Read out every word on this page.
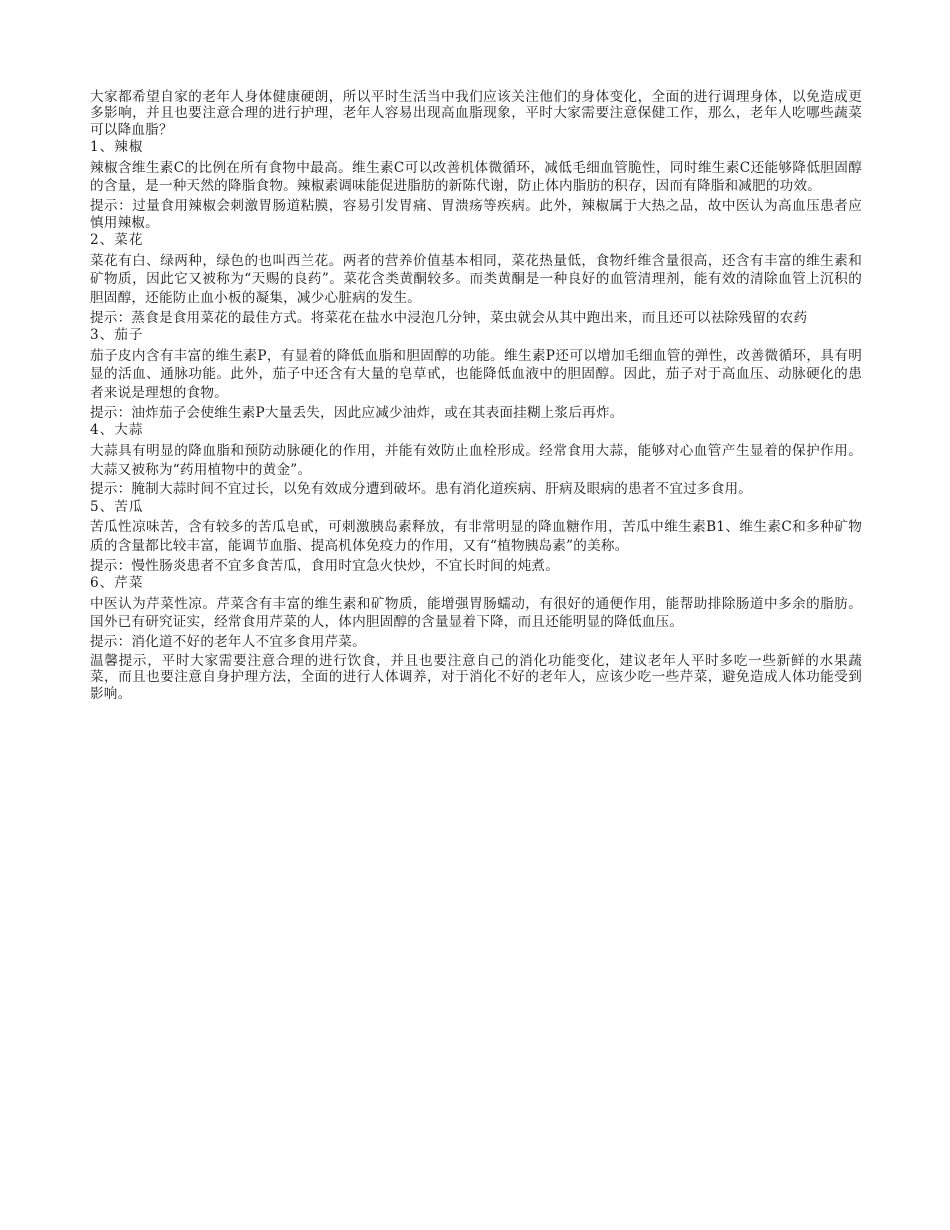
大家都希望自家的老年人身体健康硬朗，所以平时生活当中我们应该关注他们的身体变化，全面的进行调理身体，以免造成更多影响，并且也要注意合理的进行护理，老年人容易出现高血脂现象，平时大家需要注意保健工作，那么，老年人吃哪些蔬菜可以降血脂？

1、辣椒

辣椒含维生素C的比例在所有食物中最高。维生素C可以改善机体微循环，减低毛细血管脆性，同时维生素C还能够降低胆固醇的含量，是一种天然的降脂食物。辣椒素调味能促进脂肪的新陈代谢，防止体内脂肪的积存，因而有降脂和减肥的功效。

提示：过量食用辣椒会刺激胃肠道粘膜，容易引发胃痛、胃溃疡等疾病。此外，辣椒属于大热之品，故中医认为高血压患者应慎用辣椒。

2、菜花

菜花有白、绿两种，绿色的也叫西兰花。两者的营养价值基本相同，菜花热量低，食物纤维含量很高，还含有丰富的维生素和矿物质，因此它又被称为“天赐的良药”。菜花含类黄酮较多。而类黄酮是一种良好的血管清理剂，能有效的清除血管上沉积的胆固醇，还能防止血小板的凝集，减少心脏病的发生。

提示：蒸食是食用菜花的最佳方式。将菜花在盐水中浸泡几分钟，菜虫就会从其中跑出来，而且还可以祛除残留的农药

3、茄子

茄子皮内含有丰富的维生素P，有显着的降低血脂和胆固醇的功能。维生素P还可以增加毛细血管的弹性，改善微循环，具有明显的活血、通脉功能。此外，茄子中还含有大量的皂草甙，也能降低血液中的胆固醇。因此，茄子对于高血压、动脉硬化的患者来说是理想的食物。

提示：油炸茄子会使维生素P大量丢失，因此应减少油炸，或在其表面挂糊上浆后再炸。

4、大蒜

大蒜具有明显的降血脂和预防动脉硬化的作用，并能有效防止血栓形成。经常食用大蒜，能够对心血管产生显着的保护作用。大蒜又被称为“药用植物中的黄金”。

提示：腌制大蒜时间不宜过长，以免有效成分遭到破坏。患有消化道疾病、肝病及眼病的患者不宜过多食用。

5、苦瓜

苦瓜性凉味苦，含有较多的苦瓜皂甙，可刺激胰岛素释放，有非常明显的降血糖作用，苦瓜中维生素B1、维生素C和多种矿物质的含量都比较丰富，能调节血脂、提高机体免疫力的作用，又有“植物胰岛素”的美称。

提示：慢性肠炎患者不宜多食苦瓜，食用时宜急火快炒，不宜长时间的炖煮。

6、芹菜

中医认为芹菜性凉。芹菜含有丰富的维生素和矿物质，能增强胃肠蠕动，有很好的通便作用，能帮助排除肠道中多余的脂肪。国外已有研究证实，经常食用芹菜的人，体内胆固醇的含量显着下降，而且还能明显的降低血压。

提示：消化道不好的老年人不宜多食用芹菜。

温馨提示，平时大家需要注意合理的进行饮食，并且也要注意自己的消化功能变化，建议老年人平时多吃一些新鲜的水果蔬菜，而且也要注意自身护理方法，全面的进行人体调养，对于消化不好的老年人，应该少吃一些芹菜，避免造成人体功能受到影响。
